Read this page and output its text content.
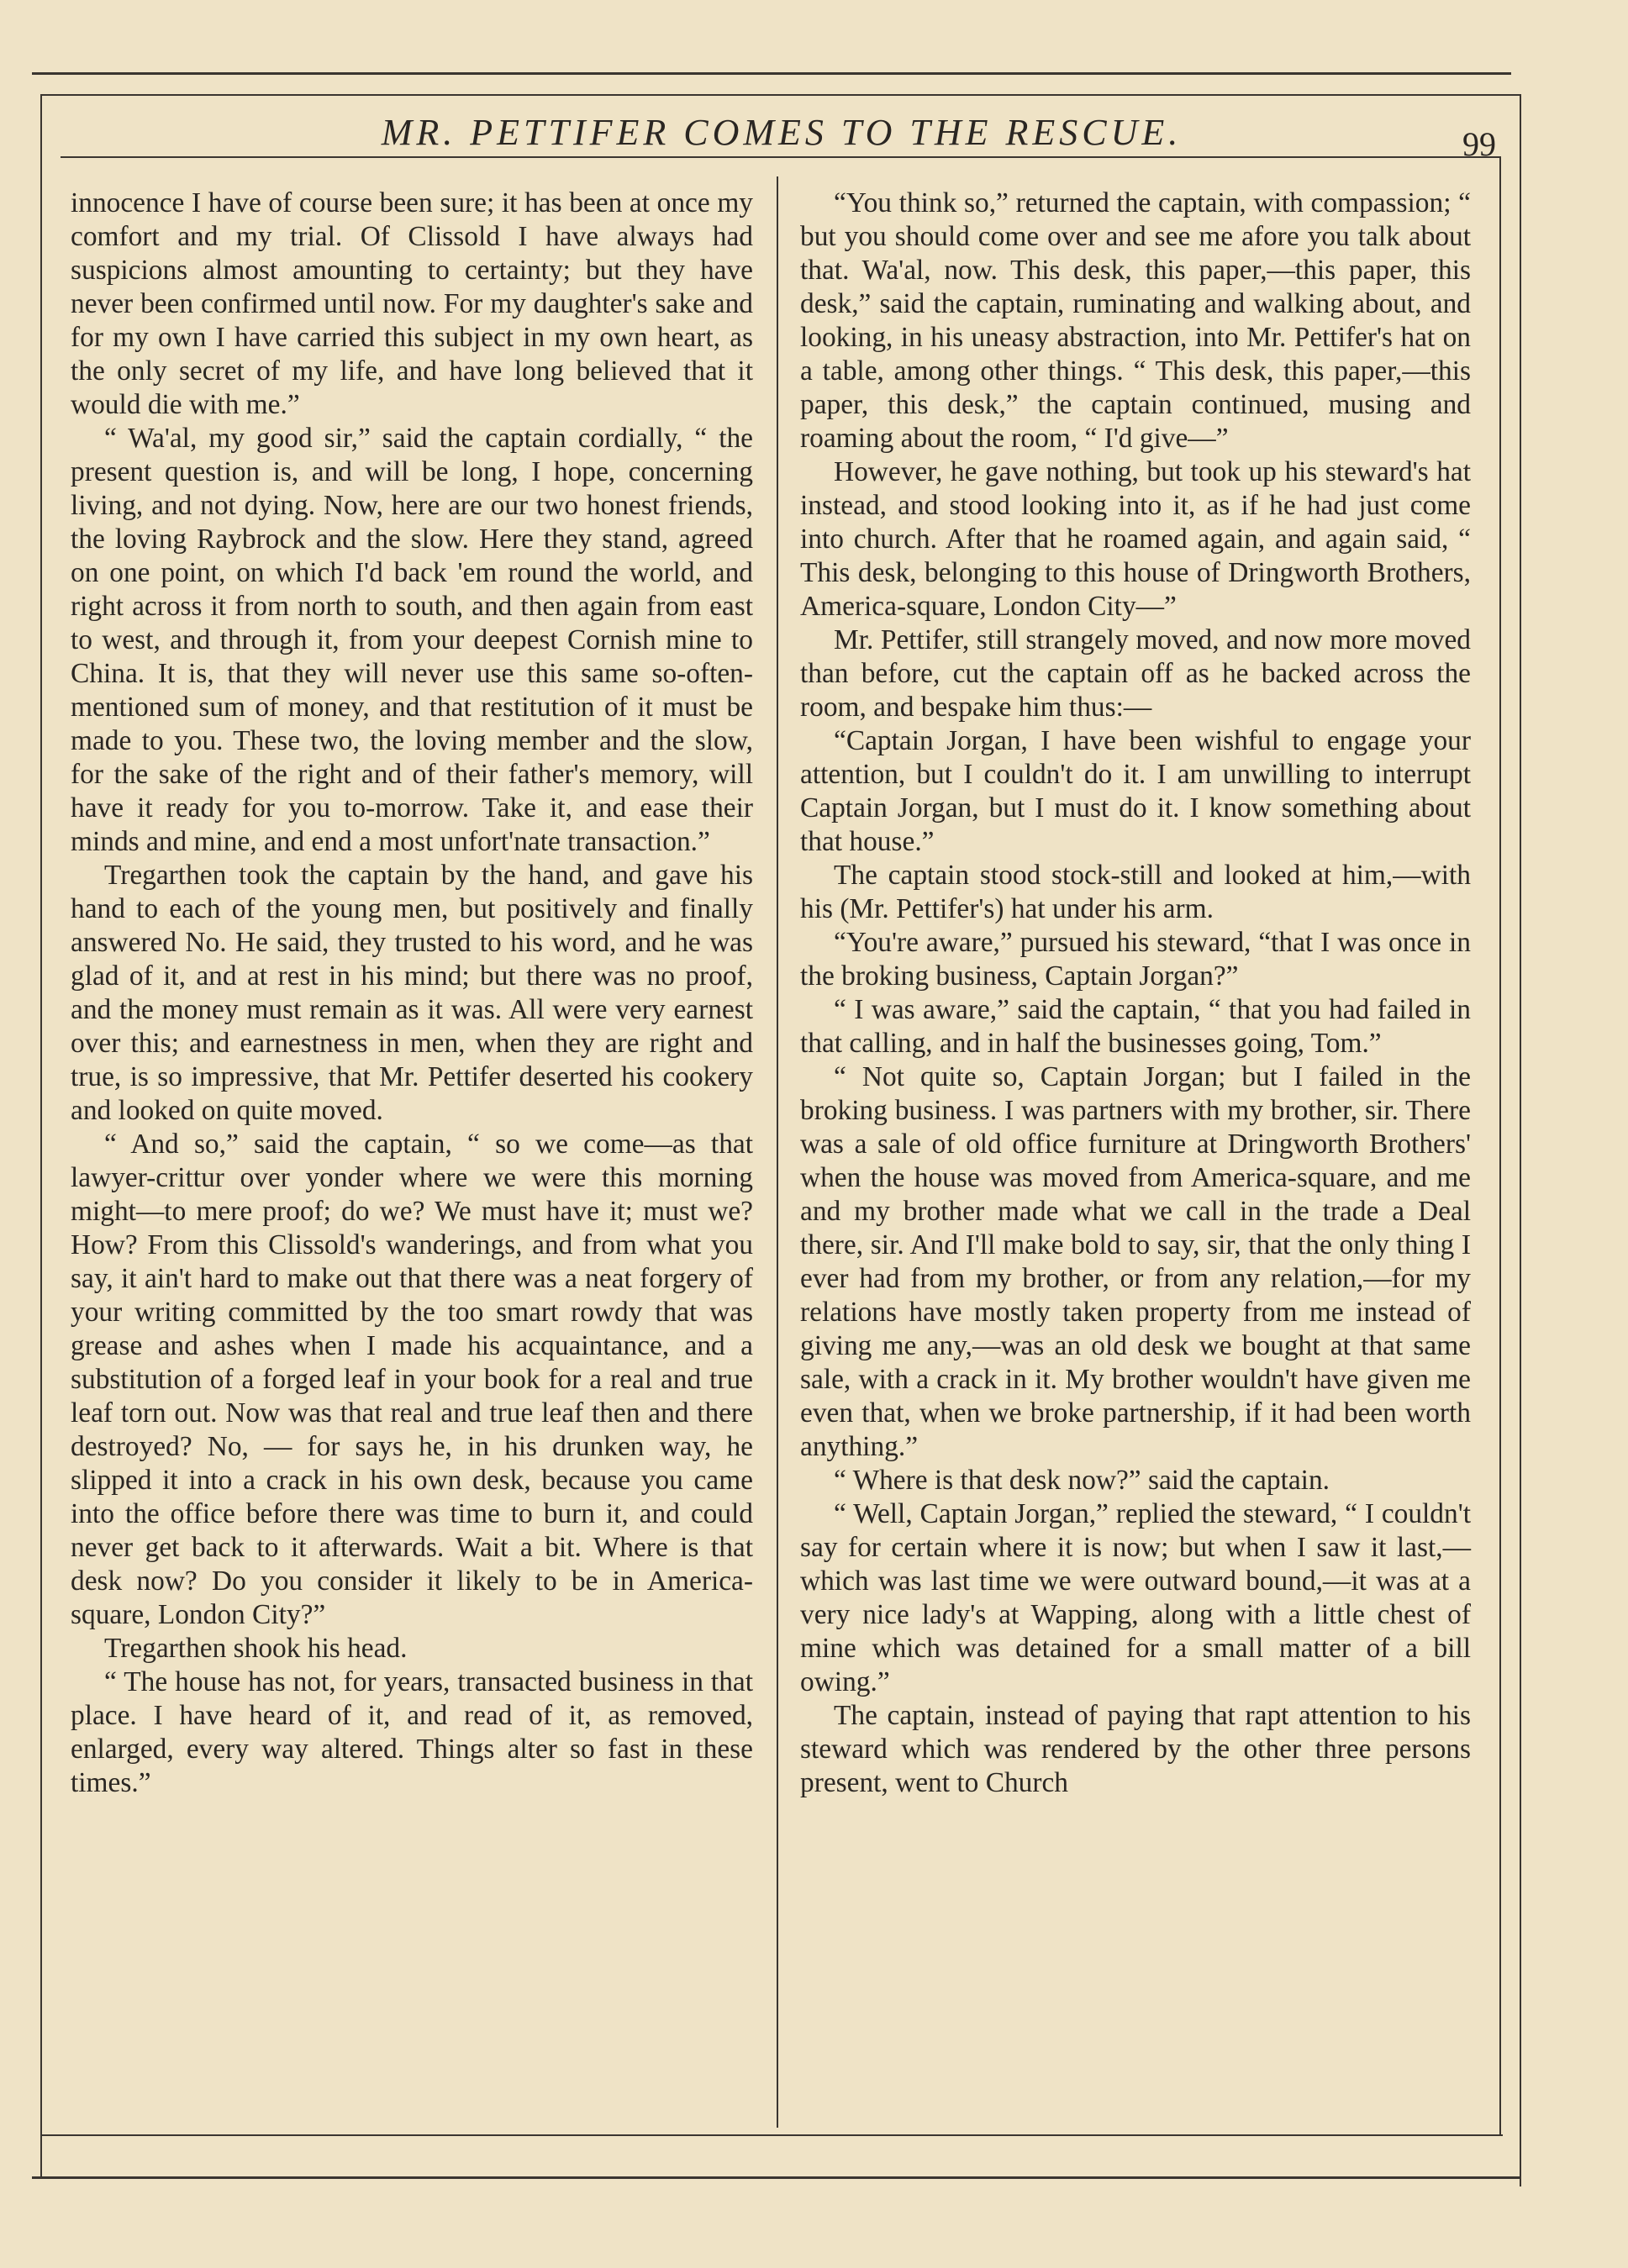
MR. PETTIFER COMES TO THE RESCUE.	99

innocence I have of course been sure; it has been at once my comfort and my trial. Of Clissold I have always had suspicions almost amounting to certainty; but they have never been confirmed until now. For my daughter's sake and for my own I have carried this subject in my own heart, as the only secret of my life, and have long believed that it would die with me.”

“ Wa'al, my good sir,” said the captain cordially, “ the present question is, and will be long, I hope, concerning living, and not dying. Now, here are our two honest friends, the loving Raybrock and the slow. Here they stand, agreed on one point, on which I'd back 'em round the world, and right across it from north to south, and then again from east to west, and through it, from your deepest Cornish mine to China. It is, that they will never use this same so-often-mentioned sum of money, and that restitution of it must be made to you. These two, the loving member and the slow, for the sake of the right and of their father's memory, will have it ready for you to-morrow. Take it, and ease their minds and mine, and end a most unfort'nate transaction.”

Tregarthen took the captain by the hand, and gave his hand to each of the young men, but positively and finally answered No. He said, they trusted to his word, and he was glad of it, and at rest in his mind; but there was no proof, and the money must remain as it was. All were very earnest over this; and earnestness in men, when they are right and true, is so impressive, that Mr. Pettifer deserted his cookery and looked on quite moved.

“ And so,” said the captain, “ so we come—as that lawyer-crittur over yonder where we were this morning might—to mere proof; do we? We must have it; must we? How? From this Clissold's wanderings, and from what you say, it ain't hard to make out that there was a neat forgery of your writing committed by the too smart rowdy that was grease and ashes when I made his acquaintance, and a substitution of a forged leaf in your book for a real and true leaf torn out. Now was that real and true leaf then and there destroyed? No, — for says he, in his drunken way, he slipped it into a crack in his own desk, because you came into the office before there was time to burn it, and could never get back to it afterwards. Wait a bit. Where is that desk now? Do you consider it likely to be in America-square, London City?”

Tregarthen shook his head.

“ The house has not, for years, transacted business in that place. I have heard of it, and read of it, as removed, enlarged, every way altered. Things alter so fast in these times.”

“You think so,” returned the captain, with compassion; “ but you should come over and see me afore you talk about that. Wa'al, now. This desk, this paper,—this paper, this desk,” said the captain, ruminating and walking about, and looking, in his uneasy abstraction, into Mr. Pettifer's hat on a table, among other things. “ This desk, this paper,—this paper, this desk,” the captain continued, musing and roaming about the room, “ I'd give—”

However, he gave nothing, but took up his steward's hat instead, and stood looking into it, as if he had just come into church. After that he roamed again, and again said, “ This desk, belonging to this house of Dringworth Brothers, America-square, London City—”

Mr. Pettifer, still strangely moved, and now more moved than before, cut the captain off as he backed across the room, and bespake him thus:—

“Captain Jorgan, I have been wishful to engage your attention, but I couldn't do it. I am unwilling to interrupt Captain Jorgan, but I must do it. I know something about that house.”

The captain stood stock-still and looked at him,—with his (Mr. Pettifer's) hat under his arm.

“You're aware,” pursued his steward, “that I was once in the broking business, Captain Jorgan?”

“ I was aware,” said the captain, “ that you had failed in that calling, and in half the businesses going, Tom.”

“ Not quite so, Captain Jorgan; but I failed in the broking business. I was partners with my brother, sir. There was a sale of old office furniture at Dringworth Brothers' when the house was moved from America-square, and me and my brother made what we call in the trade a Deal there, sir. And I'll make bold to say, sir, that the only thing I ever had from my brother, or from any relation,—for my relations have mostly taken property from me instead of giving me any,—was an old desk we bought at that same sale, with a crack in it. My brother wouldn't have given me even that, when we broke partnership, if it had been worth anything.”

“ Where is that desk now?” said the captain.

“ Well, Captain Jorgan,” replied the steward, “ I couldn't say for certain where it is now; but when I saw it last,—which was last time we were outward bound,—it was at a very nice lady's at Wapping, along with a little chest of mine which was detained for a small matter of a bill owing.”

The captain, instead of paying that rapt attention to his steward which was rendered by the other three persons present, went to Church
